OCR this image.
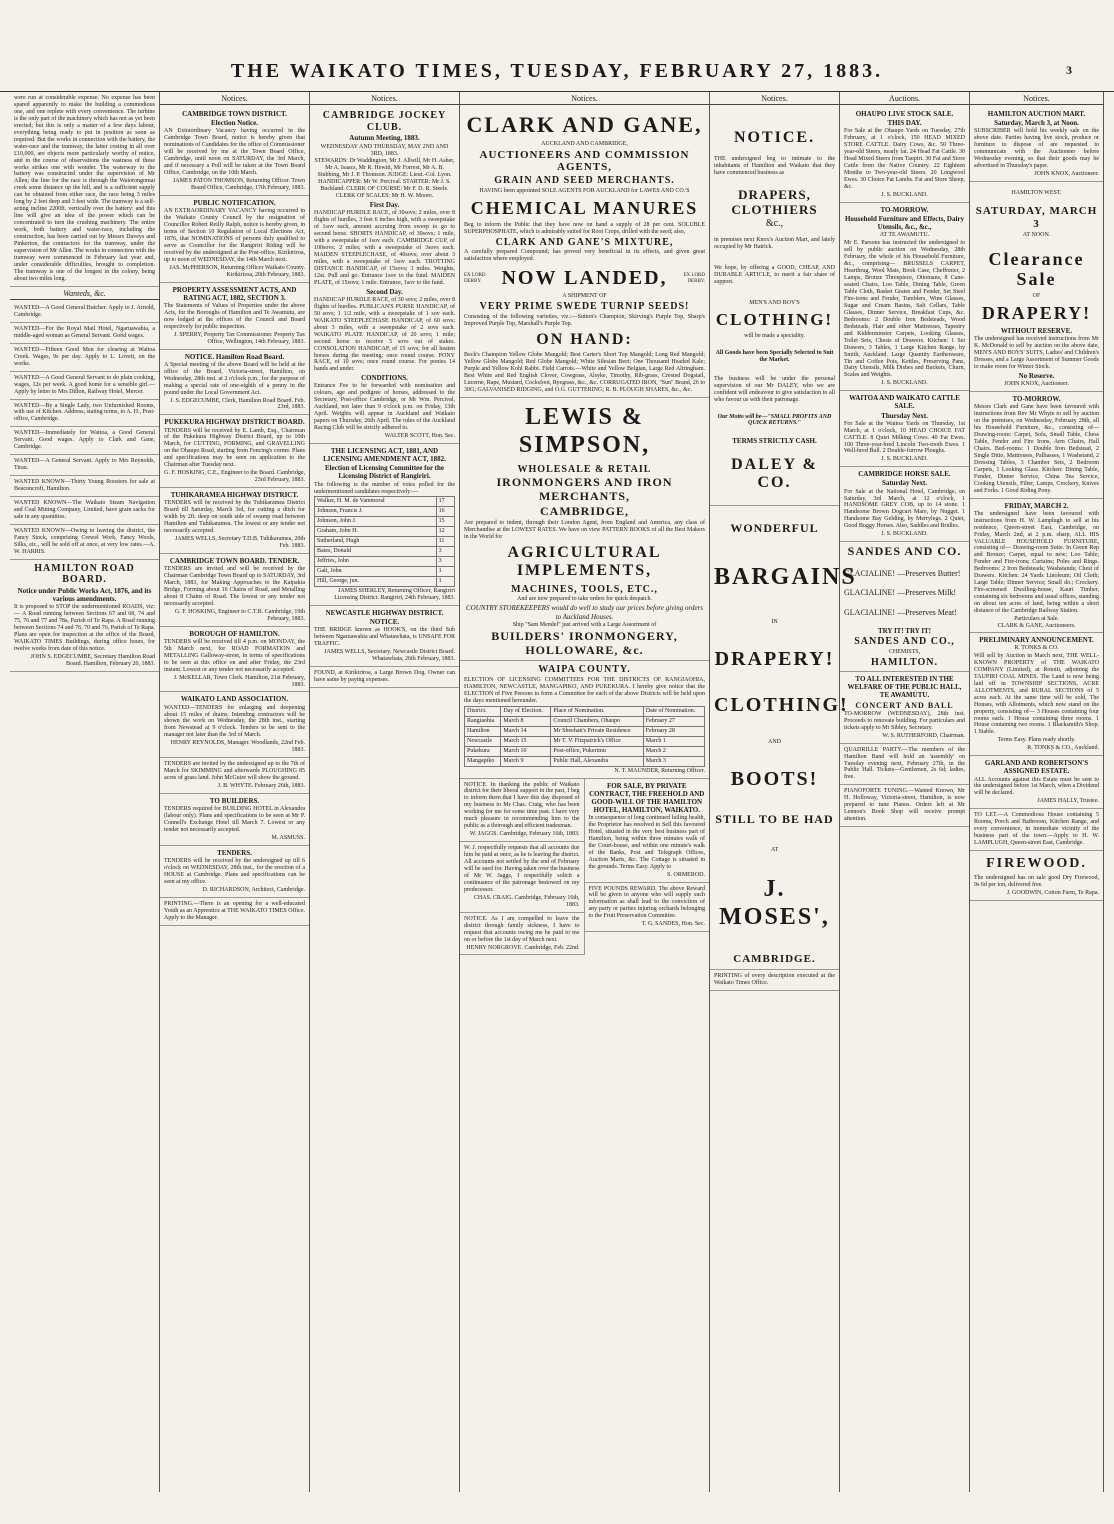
THE WAIKATO TIMES, TUESDAY, FEBRUARY 27, 1883.	3

were run at considerable expense. No expense has been spared apparently to make the building a commodious one, and one replete with every convenience. The turbine is the only part of the machinery which has not as yet been erected; but this is only a matter of a few days labour, everything being ready to put in position as soon as required. But the works in connection with the battery, the water-race and the tramway, the latter costing in all over £10,000, are objects more particularly worthy of notice, and in the course of observations the vastness of these works strikes one with wonder. The waterway to the battery was constructed under the supervision of Mr Allen; the line for the race is through the Waiorongomai creek some distance up the hill, and is a sufficient supply can be obtained from either race, the race being 3 miles long by 2 feet deep and 3 feet wide. The tramway is a self-acting incline 2200ft. vertically over the battery: and this line will give an idea of the power which can be concentrated to turn the crushing machinery. The entire work, both battery and water-race, including the construction, has been carried out by Messrs Daveys and Pinkerton, the contractors for the tramway, under the supervision of Mr Allen. The works in connection with the tramway were commenced in February last year and, under considerable difficulties, brought to completion. The tramway is one of the longest in the colony, being about two miles long.

Wanteds, &c.

WANTED—A Good General Butcher. Apply to J. Arnold, Cambridge.

WANTED—For the Royal Mail Hotel, Ngaruawahia, a middle-aged woman as General Servant. Good wages.

WANTED—Fifteen Good Men for clearing at Waitoa Creek. Wages, 9s per day. Apply to L. Lovett, on the works.

WANTED—A Good General Servant to do plain cooking, wages, 12s per week. A good home for a sensible girl.—Apply by letter to Mrs Dillon, Railway Hotel, Mercer.

WANTED—By a Single Lady, two Unfurnished Rooms, with use of Kitchen. Address, stating terms, to A. H., Post-office, Cambridge.

WANTED—Immediately for Waitoa, a Good General Servant. Good wages. Apply to Clark and Gane, Cambridge.

WANTED—A General Servant. Apply to Mrs Reynolds, Tirau.

WANTED KNOWN—Thirty Young Roosters for sale at Beaconcroft, Hamilton.

WANTED KNOWN—The Waikato Steam Navigation and Coal Mining Company, Limited, have grain sacks for sale in any quantities.

WANTED KNOWN—Owing to leaving the district, the Fancy Stock, comprising Crewel Work, Fancy Wools, Silks, etc., will be sold off at once, at very low rates.—A. W. HARRIS.

HAMILTON ROAD BOARD.
Notice under Public Works Act, 1876, and its various amendments.

It is proposed to STOP the undermentioned ROADS, viz:— A Road running between Sections 67 and 68, 74 and 75, 76 and 77 and 78a, Parish of Te Rapa. A Road running between Sections 74 and 76, 70 and 76, Parish of Te Rapa. Plans are open for inspection at the office of the Board, WAIKATO TIMES Buildings, during office hours, for twelve weeks from date of this notice.

JOHN S. EDGECUMBE, Secretary Hamilton Road Board. Hamilton, February 20, 1883.

Notices.
CAMBRIDGE TOWN DISTRICT.
Election Notice.

AN Extraordinary Vacancy having occurred in the Cambridge Town Board, notice is hereby given that nominations of Candidates for the office of Commissioner will be received by me at the Town Board Office, Cambridge, until noon on SATURDAY, the 3rd March, and if necessary a Poll will be taken at the Town Board Office, Cambridge, on the 10th March.

JAMES PATON THOMSON, Returning Officer. Town Board Office, Cambridge, 17th February, 1883.

PUBLIC NOTIFICATION.

AN EXTRAORDINARY VACANCY having occurred in the Waikato County Council by the resignation of Councillor Robert Reilly Ralph, notice is hereby given, in terms of Section 10 Regulation of Local Elections Act, 1876, that NOMINATIONS of persons duly qualified to serve as Councillor for the Rangiriri Riding will be received by the undersigned at the Post-office, Kirikiriroa, up to noon of WEDNESDAY, the 14th March next.

JAS. McPHERSON, Returning Officer Waikato County. Kirikiriroa, 20th February, 1883.

PROPERTY ASSESSMENT ACTS, AND RATING ACT, 1882, SECTION 3.

The Statements of Values of Properties under the above Acts, for the Boroughs of Hamilton and Te Awamutu, are now lodged at the offices of the Council and Board respectively for public inspection.

J. SPERRY, Property Tax Commissioner. Property Tax Office, Wellington, 14th February, 1883.

NOTICE. Hamilton Road Board.

A Special meeting of the above Board will be held at the office of the Board, Victoria-street, Hamilton, on Wednesday, 28th inst. at 2 o'clock p.m., for the purpose of making a special rate of one-eighth of a penny in the pound under the Local Government Act.

J. S. EDGECUMBE, Clerk, Hamilton Road Board. Feb. 23rd, 1883.

PUKEKURA HIGHWAY DISTRICT BOARD.

TENDERS will be received by E. Lamb, Esq., Chairman of the Pukekura Highway District Board, up to 10th March, for CUTTING, FORMING, and GRAVELLING on the Ohaupo Road, starting from Fencing's corner. Plans and specifications may be seen on application to the Chairman after Tuesday next.

G. F. HOSKING, C.E., Engineer to the Board. Cambridge, 23rd February, 1883.

TUHIKARAMEA HIGHWAY DISTRICT.

TENDERS will be received by the Tuhikaramea District Board till Saturday, March 3rd, for cutting a ditch for width by 2ft. deep on south side of swamp road between Hamilton and Tuhikaramea. The lowest or any tender not necessarily accepted.

JAMES WELLS, Secretary T.D.B. Tuhikaramea, 20th Feb. 1883.

CAMBRIDGE TOWN BOARD. TENDER.

TENDERS are invited and will be received by the Chairman Cambridge Town Board up to SATURDAY, 3rd March, 1883, for Making Approaches to the Kaipakia Bridge, Forming about 16 Chains of Road, and Metalling about 8 Chains of Road. The lowest or any tender not necessarily accepted.

G. F. HOSKING, Engineer to C.T.B. Cambridge, 19th February, 1883.

BOROUGH OF HAMILTON.

TENDERS will be received till 4 p.m. on MONDAY, the 5th March next, for ROAD FORMATION and METALLING Galloway-street, in terms of specifications to be seen at this office on and after Friday, the 23rd instant. Lowest or any tender not necessarily accepted.

J. McKELLAR, Town Clerk. Hamilton, 21st February, 1883.

WAIKATO LAND ASSOCIATION.

WANTED—TENDERS for enlarging and deepening about 15 miles of drains. Intending contractors will be shown the work on Wednesday, the 28th inst., starting from Newstead at 9 o'clock. Tenders to be sent to the manager not later than the 3rd of March.

HENRY REYNOLDS, Manager. Woodlands, 22nd Feb. 1883.

TENDERS are invited by the undersigned up to the 7th of March for SKIMMING and afterwards PLOUGHING 85 acres of grass land. John McGuire will show the ground.

J. B. WHYTE. February 26th, 1883.

TO BUILDERS.

TENDERS required for BUILDING HOTEL in Alexandra (labour only). Plans and specifications to be seen at Mr P. Connell's Exchange Hotel till March 7. Lowest or any tender not necessarily accepted.

M. ASMUSS.

TENDERS.

TENDERS will be received by the undersigned up till 6 o'clock on WEDNESDAY, 28th inst., for the erection of a HOUSE at Cambridge. Plans and specifications can be seen at my office.

D. RICHARDSON, Architect, Cambridge.

PRINTING.—There is an opening for a well-educated Youth as an Apprentice at THE WAIKATO TIMES Office. Apply to the Manager.

Notices.
CAMBRIDGE JOCKEY CLUB.
Autumn Meeting, 1883.
WEDNESDAY AND THURSDAY, MAY 2ND AND 3RD, 1883.

STEWARDS: Dr Waddington, Mr J. Allwill, Mr H. Asher, Mr A. Isaacs, Mr R. Hewitt, Mr Forrest, Mr A. B. Stubbing, Mr J. P. Thomson. JUDGE: Lieut.-Col. Lyon. HANDICAPPER: Mr W. Percival. STARTER: Mr J. S. Buckland. CLERK OF COURSE: Mr F. D. R. Steele. CLERK OF SCALES: Mr H. W. Moore.

First Day.

HANDICAP HURDLE RACE, of 30sovs; 2 miles, over 8 flights of hurdles, 3 feet 6 inches high, with a sweepstake of 1sov each, amount accruing from sweep to go to second horse. SHORTS HANDICAP, of 30sovs; 1 mile, with a sweepstake of 1sov each. CAMBRIDGE CUP, of 100sovs; 2 miles; with a sweepstake of 3sovs each. MAIDEN STEEPLECHASE, of 40sovs; over about 3 miles, with a sweepstake of 1sov each. TROTTING DISTANCE HANDICAP, of 15sovs; 3 miles. Weights, 12st. Pull and go. Entrance 1sov to the fund. MAIDEN PLATE, of 15sovs; 1 mile. Entrance, 1sov to the fund.

Second Day.

HANDICAP HURDLE RACE, of 30 sovs; 2 miles, over 8 flights of hurdles. PUBLICAN'S PURSE HANDICAP, of 50 sovs; 1 1/2 mile, with a sweepstake of 1 sov each. WAIKATO STEEPLECHASE HANDICAP, of 60 sovs; about 3 miles, with a sweepstake of 2 sovs each. WAIKATO PLATE HANDICAP, of 20 sovs; 1 mile; second horse to receive 5 sovs out of stakes. CONSOLATION HANDICAP, of 15 sovs; for all beaten horses during the meeting; once round course. PONY RACE, of 10 sovs; once round course. For ponies 14 hands and under.

CONDITIONS.

Entrance Fee to be forwarded with nomination and colours, age and pedigree of horses, addressed to the Secretary, Post-office Cambridge, or Mr Wm. Percival, Auckland, not later than 9 o'clock p.m. on Friday, 13th April. Weights will appear in Auckland and Waikato papers on Thursday, 26th April. The rules of the Auckland Racing Club will be strictly adhered to.

WALTER SCOTT, Hon. Sec.

THE LICENSING ACT, 1881, AND LICENSING AMENDMENT ACT, 1882.
Election of Licensing Committee for the Licensing District of Rangiriri.

The following is the number of votes polled for the undermentioned candidates respectively:—

Walker, H. M. de Vammoral	17
Johnson, Francis J.	16
Johnson, John J.	15
Graham, John H.	12
Sutherland, Hugh	11
Bates, Donald	3
Jeffries, John	3
Galt, John	1
Hill, George, jun.	1

JAMES SHERLEY, Returning Officer, Rangiriri Licensing District. Rangiriri, 24th February, 1883.

NEWCASTLE HIGHWAY DISTRICT.
NOTICE.

THE BRIDGE known as HOOK'S, on the third Sub between Ngaruawahia and Whatawhata, is UNSAFE FOR TRAFFIC.

JAMES WELLS, Secretary. Newcastle District Board. Whatawhata, 26th February, 1883.

FOUND, at Kirikiriroa, a Large Brown Dog. Owner can have same by paying expenses.

Notices.
CLARK AND GANE,
AUCKLAND AND CAMBRIDGE,
AUCTIONEERS AND COMMISSION AGENTS,
GRAIN AND SEED MERCHANTS.
HAVING been appointed SOLE AGENTS FOR AUCKLAND for LAWES AND CO.'S
CHEMICAL MANURES

Beg to inform the Public that they have now on hand a supply of 28 per cent. SOLUBLE SUPERPHOSPHATE, which is admirably suited for Root Crops, drilled with the seed; also,

CLARK AND GANE'S MIXTURE,

A carefully prepared Compound; has proved very beneficial in its effects, and given great satisfaction where employed.

EX LORD DERBY. NOW LANDED,	EX LORD DERBY.
A SHIPMENT OF
VERY PRIME SWEDE TURNIP SEEDS!

Consisting of the following varieties, viz.:—Sutton's Champion, Skirving's Purple Top, Sharp's Improved Purple Top, Marshall's Purple Top.

ON HAND:

Beck's Champion Yellow Globe Mangold; Best Carter's Short Top Mangold; Long Red Mangold; Yellow Globe Mangold; Red Globe Mangold; White Silesian Beet; One Thousand Headed Kale; Purple and Yellow Kohl Rabbi. Field Carrots.—White and Yellow Belgian, Large Red Altringham. Best White and Red English Clover, Cowgrass, Alsyke, Timothy, Rib-grass, Crested Dogstail, Lucerne, Rape, Mustard, Cocksfoot, Ryegrass, &c., &c. CORRUGATED IRON, "Sun" Brand, 26 to 30G; GALVANISED RIDGING, and O.G. GUTTERING; R. B. PLOUGH SHARES, &c., &c.

LEWIS & SIMPSON,
WHOLESALE & RETAIL
IRONMONGERS AND IRON MERCHANTS,
CAMBRIDGE,

Are prepared to indent, through their London Agent, from England and America, any class of Merchandise at the LOWEST RATES. We have on view PATTERN BOOKS of all the Best Makers in the World for

AGRICULTURAL IMPLEMENTS,
MACHINES, TOOLS, ETC.,
And are now prepared to take orders for quick despatch.
COUNTRY STOREKEEPERS would do well to study our prices before giving orders to Auckland Houses.
Ship "Sam Mendel" just arrived with a Large Assortment of
BUILDERS' IRONMONGERY, HOLLOWARE, &c.
WAIPA COUNTY.

ELECTION OF LICENSING COMMITTEES FOR THE DISTRICTS OF RANGIAOHIA, HAMILTON, NEWCASTLE, MANGAPIKO, AND PUKEKURA. I hereby give notice that the ELECTION of Five Persons to form a Committee for each of the above Districts will be held upon the days mentioned hereunder.

District.	Day of Election.	Place of Nomination.	Date of Nomination.
Rangiaohia	March 8	Council Chambers, Ohaupo	February 27
Hamilton	March 14	Mr Sheehan's Private Residence	February 28
Newcastle	March 15	Mr T. V. Fitzpatrick's Office	March 1
Pukekura	March 10	Post-office, Pukerimu	March 2
Mangapiko	March 9	Public Hall, Alexandra	March 3

N. T. MAUNDER, Returning Officer.

NOTICE. In thanking the public of Waikato district for their liberal support in the past, I beg to inform them that I have this day disposed of my business to Mr Chas. Craig, who has been working for me for some time past. I have very much pleasure in recommending him to the public as a thorough and efficient tradesman.

W. JAGGS. Cambridge, February 16th, 1883.

W. J. respectfully requests that all accounts due him be paid at once, as he is leaving the district. All accounts not settled by the end of February will be sued for. Having taken over the business of Mr W. Jaggs, I respectfully solicit a continuance of the patronage bestowed on my predecessor.

CHAS. CRAIG. Cambridge, February 16th, 1883.

NOTICE. As I am compelled to leave the district through family sickness, I have to request that accounts owing me be paid to me on or before the 1st day of March next.

HENRY NORGROVE. Cambridge, Feb. 22nd.

FOR SALE, BY PRIVATE CONTRACT, THE FREEHOLD AND GOOD-WILL OF THE HAMILTON HOTEL, HAMILTON, WAIKATO.

In consequence of long continued failing health, the Proprietor has resolved to Sell this favoured Hotel, situated in the very best business part of Hamilton, being within three minutes walk of the Court-house, and within one minute's walk of the Banks, Post and Telegraph Offices, Auction Marts, &c. The Cottage is situated in the grounds. Terms Easy. Apply to

S. ORMEROD.

FIVE POUNDS REWARD. The above Reward will be given to anyone who will supply such information as shall lead to the conviction of any party or parties injuring orchards belonging to the Fruit Preservation Committee.

T. G. SANDES, Hon. Sec.

Notices.
NOTICE.

THE undersigned beg to intimate to the inhabitants of Hamilton and Waikato that they have commenced business as

DRAPERS, CLOTHIERS
&c.,

in premises next Knox's Auction Mart, and lately occupied by Mr Hatrick.

We hope, by offering a GOOD, CHEAP, AND DURABLE ARTICLE, to merit a fair share of support.

MEN'S AND BOY'S
CLOTHING!
will be made a speciality.

All Goods have been Specially Selected to Suit the Market.

The business will be under the personal supervision of our Mr DALEY, who we are confident will endeavour to give satisfaction to all who favour us with their patronage.

Our Motto will be—"SMALL PROFITS AND QUICK RETURNS."

TERMS STRICTLY CASH.
DALEY & CO.
WONDERFUL
BARGAINS
IN
DRAPERY!
CLOTHING!
AND
BOOTS!
STILL TO BE HAD
AT
J. MOSES',
CAMBRIDGE.

PRINTING of every description executed at the Waikato Times Office.

Auctions.
OHAUPO LIVE STOCK SALE.
THIS DAY.

For Sale at the Ohaupo Yards on Tuesday, 27th February, at 1 o'clock, 150 HEAD MIXED STORE CATTLE. Dairy Cows, &c. 50 Three-year-old Steers, nearly fat. 24 Head Fat Cattle. 30 Head Mixed Steers from Taupiri. 30 Fat and Store Cattle from the Native Country. 22 Eighteen Months to Two-year-old Steers. 20 Longwool Ewes. 30 Choice Fat Lambs. Fat and Store Sheep, &c.

J. S. BUCKLAND.

TO-MORROW.
Household Furniture and Effects, Dairy Utensils, &c., &c.,
AT TE AWAMUTU.

Mr E. Parsons has instructed the undersigned to sell by public auction on Wednesday, 28th February, the whole of his Household Furniture, &c., comprising— BRUSSELS CARPET, Hearthrug, Wool Mats, Book Case, Cheffonier, 2 Lamps, Bronze Threepiece, Ottomans, 8 Cane-seated Chairs, Loo Table, Dining Table, Green Table Cloth, Basket Grates and Fender, Set Steel Fire-irons and Fender, Tumblers, Wine Glasses, Sugar and Cream Basins, Salt Cellars, Table Glasses, Dinner Service, Breakfast Cups, &c. Bedrooms: 2 Double Iron Bedsteads, Wood Bedsteads, Hair and other Mattresses, Tapestry and Kidderminster Carpets, Looking Glasses, Toilet Sets, Chests of Drawers. Kitchen: 1 Set Drawers, 3 Tables, 1 Large Kitchen Range, by Smith, Auckland. Large Quantity Earthenware, Tin and Coffee Pots, Kettles, Preserving Pans, Dairy Utensils, Milk Dishes and Buckets, Churn, Scales and Weights.

J. S. BUCKLAND.

WAITOA AND WAIKATO CATTLE SALE.
Thursday Next.

For Sale at the Waitoa Yards on Thursday, 1st March, at 1 o'clock, 10 HEAD CHOICE FAT CATTLE. 8 Quiet Milking Cows. 40 Fat Ewes. 100 Three-year-bred Lincoln Two-tooth Ewes. 1 Well-bred Bull. 2 Double-furrow Ploughs.

J. S. BUCKLAND.

CAMBRIDGE HORSE SALE.
Saturday Next.

For Sale at the National Hotel, Cambridge, on Saturday, 3rd March, at 12 o'clock, 1 HANDSOME GREY COB, up to 14 stone. 1 Handsome Brown Dogcart Mare, by Nugget. 1 Handsome Bay Gelding, by Merrylegs. 2 Quiet, Good Buggy Horses. Also, Saddles and Bridles.

J. S. BUCKLAND.

SANDES AND CO.
GLACIALINE! —Preserves Butter!
GLACIALINE! —Preserves Milk!
GLACIALINE! —Preserves Meat!
TRY IT! TRY IT!
SANDES AND CO.,
CHEMISTS,
HAMILTON.
TO ALL INTERESTED IN THE WELFARE OF THE PUBLIC HALL, TE AWAMUTU.
CONCERT AND BALL

TO-MORROW (WEDNESDAY), 28th inst. Proceeds to renovate building. For particulars and tickets apply to Mr Sibley, Secretary.

W. S. RUTHERFORD, Chairman.

QUADRILLE PARTY.—The members of the Hamilton Band will hold an 'assembly' on Tuesday evening next, February 27th, in the Public Hall. Tickets—Gentlemen, 2s 6d; ladies, free.

PIANOFORTE TUNING.—Wanted Known, Mr H. Holloway, Victoria-street, Hamilton, is now prepared to tune Pianos. Orders left at Mr Lennon's Book Shop will receive prompt attention.

Notices.
HAMILTON AUCTION MART.
Saturday, March 3, at Noon.

SUBSCRIBER will hold his weekly sale on the above date. Parties having live stock, produce or furniture to dispose of are requested to communicate with the Auctioneer before Wednesday evening, so that their goods may be advertised in Thursday's paper.

JOHN KNOX, Auctioneer.

HAMILTON WEST.
SATURDAY, MARCH 3
AT NOON.
Clearance Sale
OF
DRAPERY!
WITHOUT RESERVE.

The undersigned has received instructions from Mr K. McDonald to sell by auction on the above date, MEN'S AND BOYS' SUITS, Ladies' and Children's Dresses, and a Large Assortment of Summer Goods to make room for Winter Stock.

No Reserve.

JOHN KNOX, Auctioneer.

TO-MORROW.

Messrs Clark and Gane have been favoured with instructions from Rev Mr Whyte to sell by auction on the premises, on Wednesday, February 28th, all his Household Furniture, &c., consisting of— Drawing-room: Carpet, Sofa, Small Table, Chess Table, Fender and Fire Irons, Arm Chairs, Hall Chairs. Bed-rooms: 1 Double Iron Bedstead, 2 Single Ditto, Mattresses, Palliasses, 1 Washstand, 2 Dressing Tables, 3 Chamber Sets, 2 Bedroom Carpets, 1 Looking Glass. Kitchen: Dining Table, Fender, Dinner Service, China Tea Service, Cooking Utensils, Filter, Lamps, Crockery, Knives and Forks. 1 Good Riding Pony.

FRIDAY, MARCH 2.

The undersigned have been favoured with instructions from H. W. Lamplugh to sell at his residence, Queen-street East, Cambridge, on Friday, March 2nd, at 2 p.m. sharp, ALL HIS VALUABLE HOUSEHOLD FURNITURE, consisting of— Drawing-room Suite. In Green Rep and Bronze; Carpet, equal to new; Loo Table; Fender and Fire-irons; Curtains; Poles and Rings. Bedrooms: 2 Iron Bedsteads; Washstands; Chest of Drawers. Kitchen: 24 Yards Linoleum; Oil Cloth; Large Table; Dinner Service; Small do.; Crockery. Fire-screened Dwelling-house, Kauri Timber, containing six bedrooms and usual offices, standing on about ten acres of land, being within a short distance of the Cambridge Railway Station.

Particulars at Sale.
CLARK & GANE, Auctioneers.
PRELIMINARY ANNOUNCEMENT.
R. TONKS & CO.

Will sell by Auction in March next, THE WELL-KNOWN PROPERTY of THE WAIKATO COMPANY (Limited), at Rotoiti, adjoining the TAUPIRI COAL MINES. The Land is now being laid off in TOWNSHIP SECTIONS, ACRE ALLOTMENTS, and RURAL SECTIONS of 5 acres each. At the same time will be sold, The Houses, with Allotments, which now stand on the property, consisting of— 3 Houses containing four rooms each. 1 House containing three rooms. 1 House containing two rooms. 1 Blacksmith's Shop. 1 Stable.

Terms Easy. Plans ready shortly.

R. TONKS & CO., Auckland.

GARLAND AND ROBERTSON'S ASSIGNED ESTATE.

ALL Accounts against this Estate must be sent to the undersigned before 1st March, when a Dividend will be declared.

JAMES HALLY, Trustee.

TO LET.—A Commodious House containing 5 Rooms, Porch and Bathroom, Kitchen Range, and every convenience, in immediate vicinity of the business part of the town.—Apply to H. W. LAMPLUGH, Queen-street East, Cambridge.

FIREWOOD.

The undersigned has on sale good Dry Firewood, 9s 6d per ton, delivered free.

J. GOODWIN, Cotton Farm, Te Rapa.
